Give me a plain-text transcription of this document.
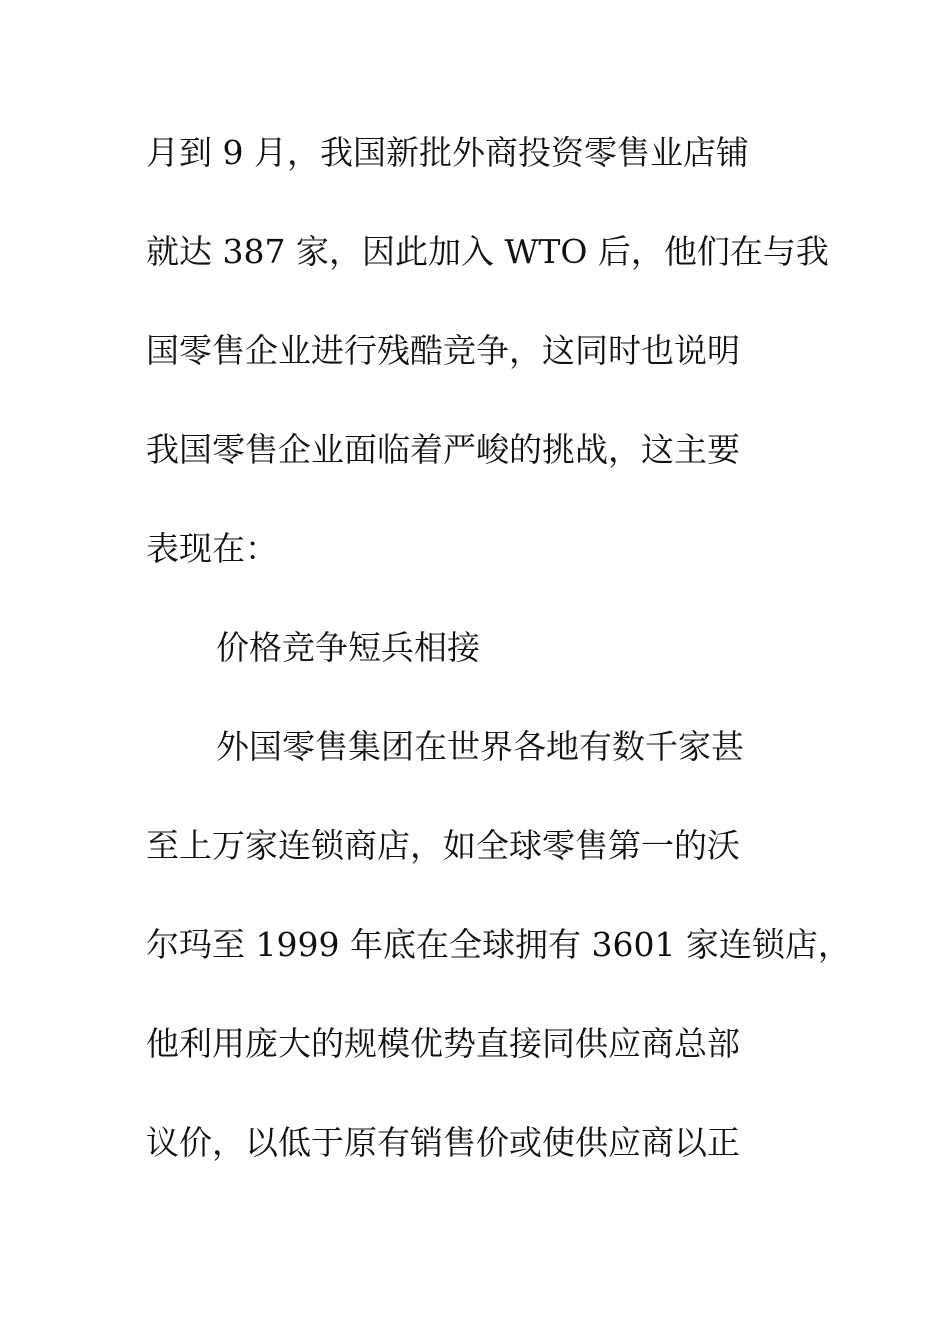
月到 9 月，我国新批外商投资零售业店铺
就达 387 家，因此加入 WTO 后，他们在与我
国零售企业进行残酷竞争，这同时也说明
我国零售企业面临着严峻的挑战，这主要
表现在：
价格竞争短兵相接
外国零售集团在世界各地有数千家甚
至上万家连锁商店，如全球零售第一的沃
尔玛至 1999 年底在全球拥有 3601 家连锁店，
他利用庞大的规模优势直接同供应商总部
议价，以低于原有销售价或使供应商以正
